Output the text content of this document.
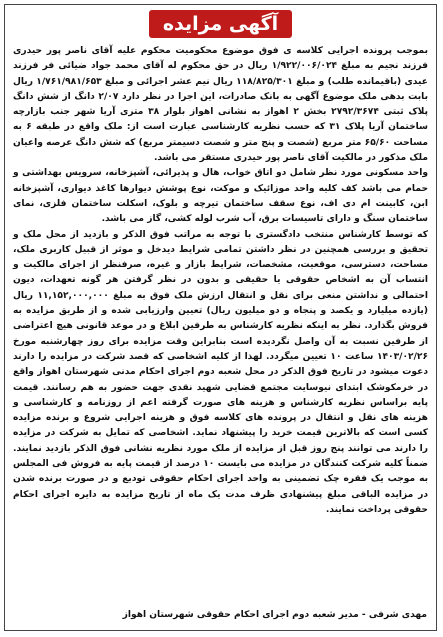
آگهی مزایده

بموجب پرونده اجرایی کلاسه ی فوق موضوع محکومیت محکوم علیه آقای ناصر پور حیدری فرزند نجیم به مبلغ ۱/۹۲۲/۰۰۶/۰۲۴ ریال در حق محکوم له آقای محمد جواد ضیائی فر فرزند عیدی (باقیمانده طلب) و مبلغ ۱۱۸/۸۲۵/۳۰۱ ریال نیم عشر اجرائی و مبلغ ۱/۷۶۱/۹۸۱/۶۵۳ ریال بابت بدهی ملک موضوع آگهی به بانک صادرات، این اجرا در نظر دارد ۲/۰۷ دانگ از شش دانگ پلاک ثبتی ۲۷۹۲/۳۶۷۴ بخش ۲ اهواز به نشانی اهواز بلوار ۳۸ متری آریا شهر جنب بازارچه ساختمان آریا پلاک ۳۱ که حسب نظریه کارشناسی عبارت است از: ملک واقع در طبقه ۶ به مساحت ۶۵/۶۰ متر مربع (شصت و پنج متر و شصت دسیمتر مربع) که شش دانگ عرصه واعیان ملک مذکور در مالکیت آقای ناصر پور حیدری مستقر می باشد.

واحد مسکونی مورد نظر شامل دو اتاق خواب، هال و پذیرائی، آشپزخانه، سرویس بهداشتی و حمام می باشد کف کلیه واحد موزائیک و موکت، نوع پوشش دیوارها کاغذ دیواری، آشپزخانه ابن، کابینت ام دی اف، نوع سقف ساختمان تیرچه و بلوک، اسکلت ساختمان فلزی، نمای ساختمان سنگ و دارای تاسیسات برق، آب شرب لوله کشی، گاز می باشد.

که توسط کارشناس منتخب دادگستری با توجه به مراتب فوق الذکر و بازدید از محل ملک و تحقیق و بررسی همچنین در نظر داشتن تمامی شرایط دیدخل و موثر از قبیل کاربری ملک، مساحت، دسترسی، موقعیت، مشخصات، شرایط بازار و غیره، صرفنظر از اجرای مالکیت و انتساب آن به اشخاص حقوقی یا حقیقی و بدون در نظر گرفتن هر گونه تعهدات، دیون احتمالی و نداشتن منعی برای نقل و انتقال ارزش ملک فوق به مبلغ ۱۱,۱۵۲,۰۰۰,۰۰۰ ریال (یازده میلیارد و یکصد و پنجاه و دو میلیون ریال) تعیین وارزیابی شده و از طریق مزایده به فروش بگذارد. نظر به اینکه نظریه کارشناس به طرفین ابلاغ و در موعد قانونی هیچ اعتراضی از طرفین نسبت به آن واصل نگردیده است بنابراین وقت مزایده برای روز چهارشنبه مورخ ۱۴۰۳/۰۲/۲۶ ساعت ۱۰ تعیین میگردد. لهذا از کلیه اشخاصی که قصد شرکت در مزایده را دارند دعوت میشود در تاریخ فوق الذکر در محل شعبه دوم اجرای احکام مدنی شهرستان اهواز واقع در خرمکوشک ابتدای نیوسایت مجتمع قضایی شهید نقدی جهت حضور به هم رسانند. قیمت پایه براساس نظریه کارشناس و هزینه های صورت گرفته اعم از روزنامه و کارشناسی و هزینه های نقل و انتقال در پرونده های کلاسه فوق و هزینه اجرایی شروع و برنده مزایده کسی است که بالاترین قیمت خرید را پیشنهاد نماید. اشخاصی که تمایل به شرکت در مزایده را دارند می توانند پنج روز قبل از مزایده از ملک مورد نظریه نشانی فوق الذکر بازدید نمایند. ضمناً کلیه شرکت کنندگان در مزایده می بایست ۱۰ درصد از قیمت پایه به فروش فی المجلس به موجب یک فقره چک تضمینی به واحد اجرای احکام حقوقی تودیع و در صورت برنده شدن در مزایده الباقی مبلغ پیشنهادی ظرف مدت یک ماه از تاریخ مزایده به دایره اجرای احکام حقوقی پرداخت نمایند.

مهدی شرفی - مدیر شعبه دوم اجرای احکام حقوقی شهرستان اهواز
